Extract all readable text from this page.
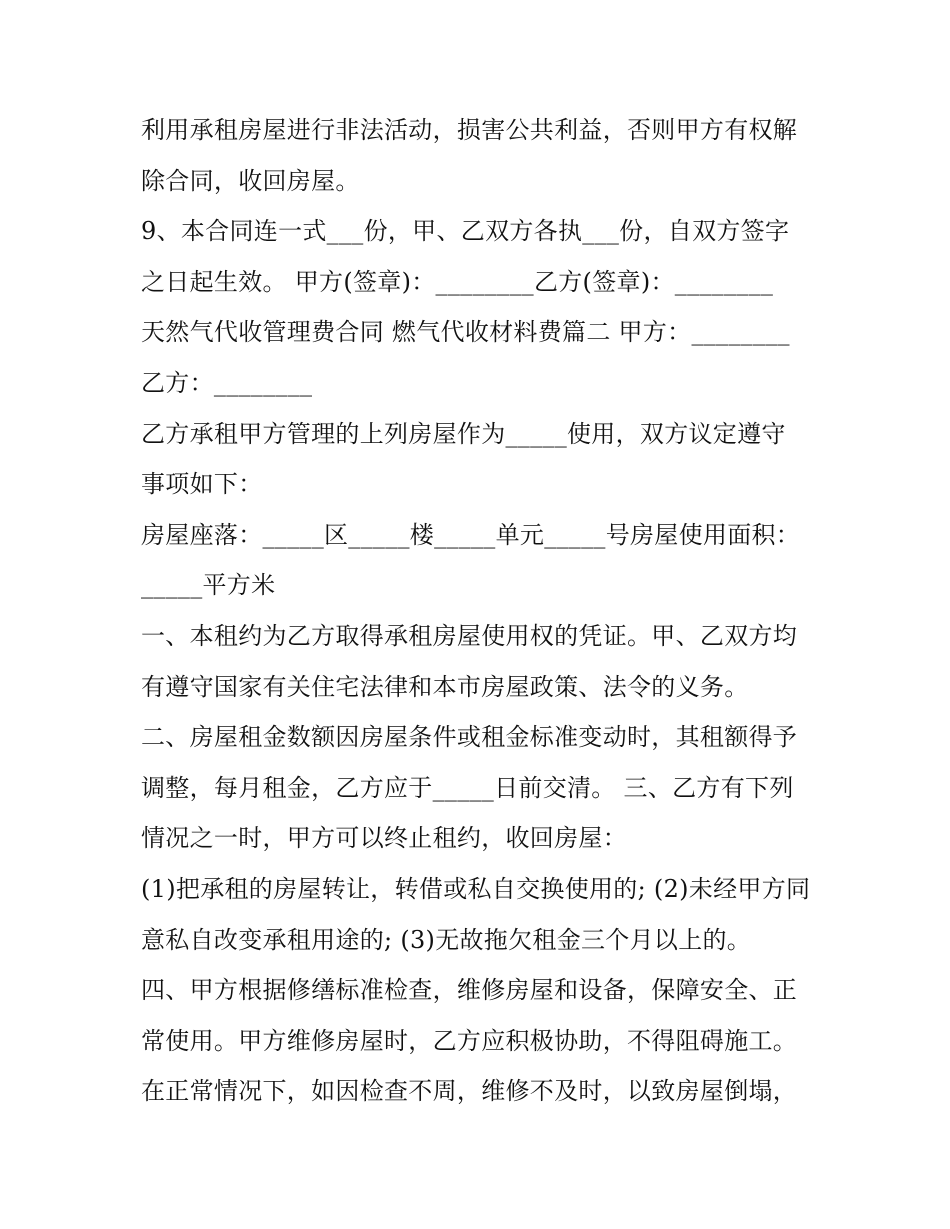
利用承租房屋进行非法活动，损害公共利益，否则甲方有权解
除合同，收回房屋。
9、本合同连一式___份，甲、乙双方各执___份，自双方签字
之日起生效。 甲方(签章)：________乙方(签章)：________
天然气代收管理费合同 燃气代收材料费篇二 甲方：________
乙方：________
乙方承租甲方管理的上列房屋作为_____使用，双方议定遵守
事项如下：
房屋座落：_____区_____楼_____单元_____号房屋使用面积：
_____平方米
一、本租约为乙方取得承租房屋使用权的凭证。甲、乙双方均
有遵守国家有关住宅法律和本市房屋政策、法令的义务。
二、房屋租金数额因房屋条件或租金标准变动时，其租额得予
调整，每月租金，乙方应于_____日前交清。 三、乙方有下列
情况之一时，甲方可以终止租约，收回房屋：
(1)把承租的房屋转让，转借或私自交换使用的; (2)未经甲方同
意私自改变承租用途的; (3)无故拖欠租金三个月以上的。
四、甲方根据修缮标准检查，维修房屋和设备，保障安全、正
常使用。甲方维修房屋时，乙方应积极协助，不得阻碍施工。
在正常情况下，如因检查不周，维修不及时，以致房屋倒塌，
